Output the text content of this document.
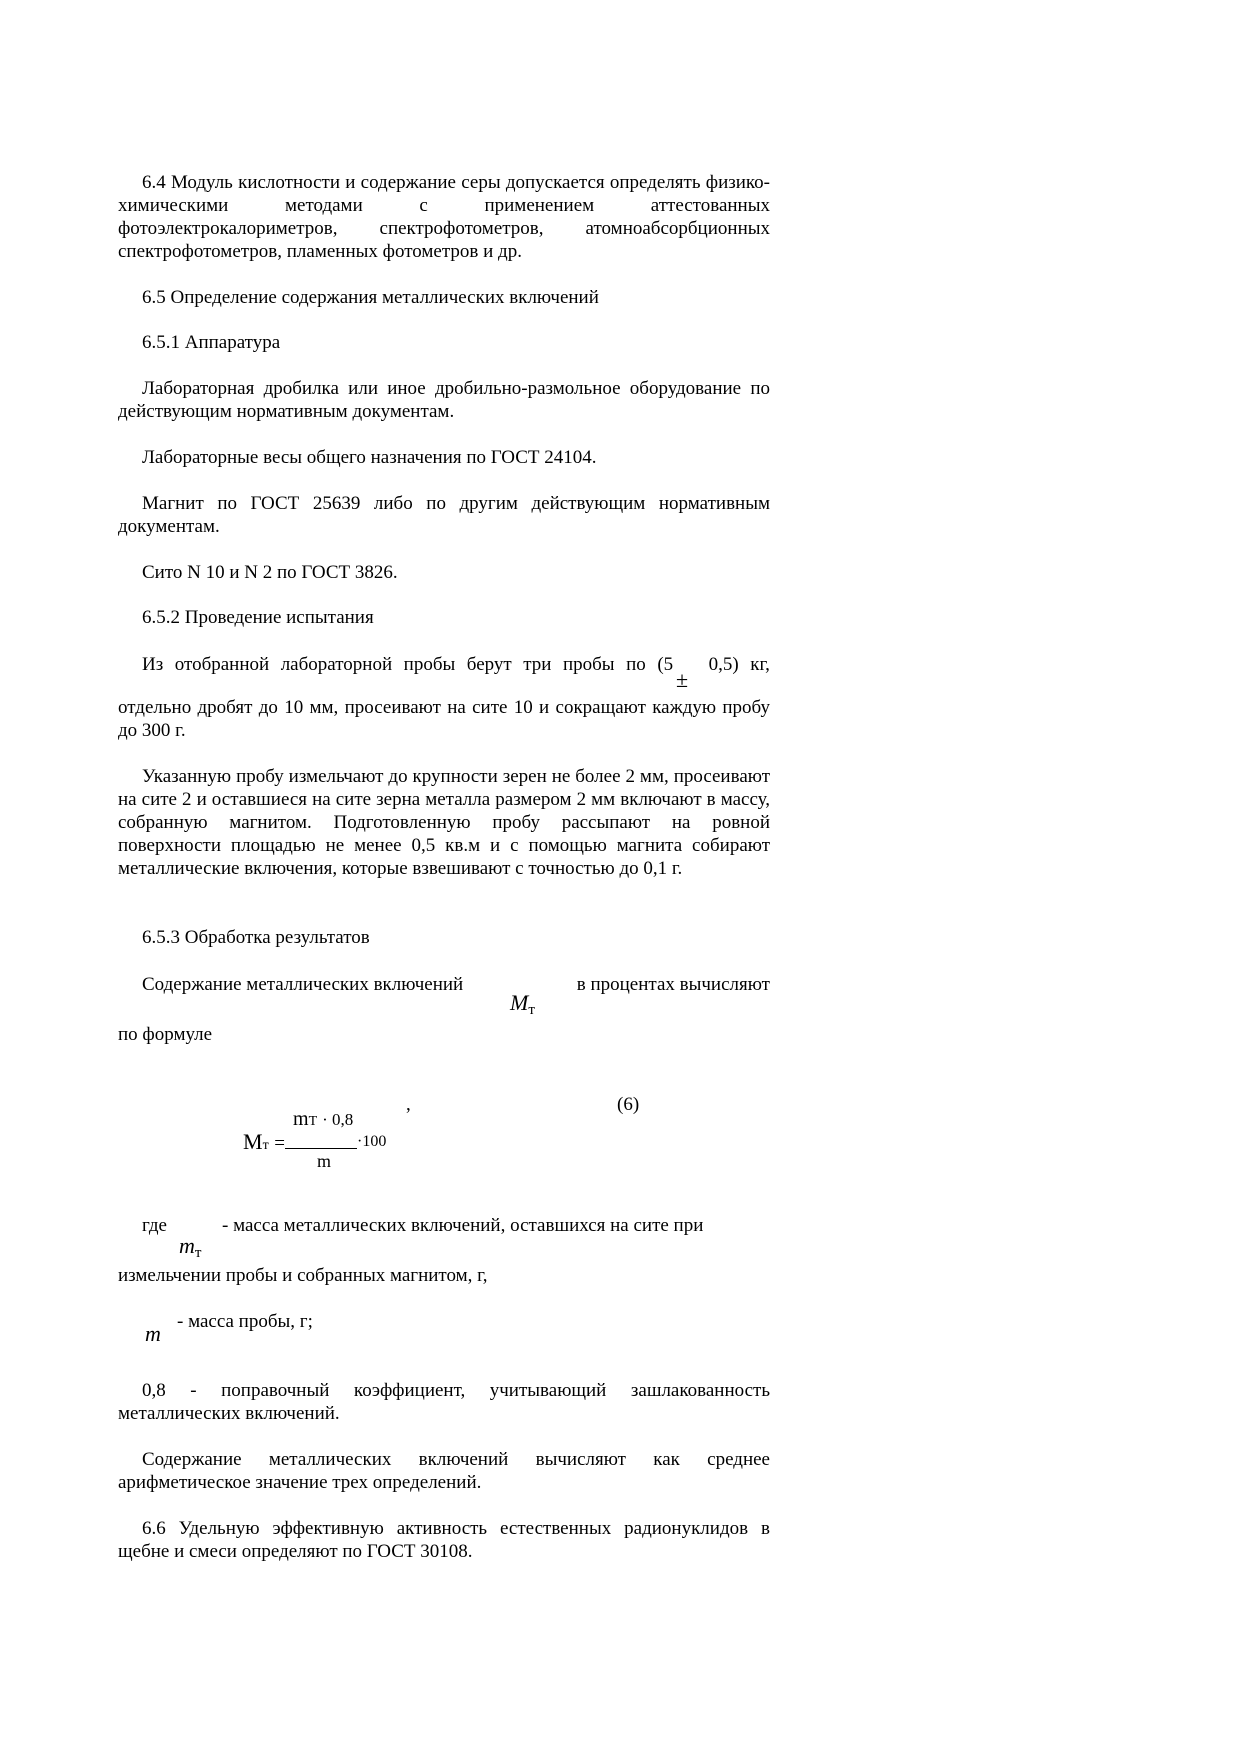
6.4 Модуль кислотности и содержание серы допускается определять физико-химическими методами с применением аттестованных фотоэлектрокалориметров, спектрофотометров, атомноабсорбционных спектрофотометров, пламенных фотометров и др.
6.5 Определение содержания металлических включений
6.5.1 Аппаратура
Лабораторная дробилка или иное дробильно-размольное оборудование по действующим нормативным документам.
Лабораторные весы общего назначения по ГОСТ 24104.
Магнит по ГОСТ 25639 либо по другим действующим нормативным документам.
Сито N 10 и N 2 по ГОСТ 3826.
6.5.2 Проведение испытания
Из отобранной лабораторной пробы берут три пробы по (5 0,5) кг,
±
отдельно дробят до 10 мм, просеивают на сите 10 и сокращают каждую пробу до 300 г.
Указанную пробу измельчают до крупности зерен не более 2 мм, просеивают на сите 2 и оставшиеся на сите зерна металла размером 2 мм включают в массу, собранную магнитом. Подготовленную пробу рассыпают на ровной поверхности площадью не менее 0,5 кв.м и с помощью магнита собирают металлические включения, которые взвешивают с точностью до 0,1 г.
6.5.3 Обработка результатов
Содержание металлических включений	в процентах вычисляют
$M_т$
по формуле
Mт =
mT · 0,8
m
·100
,	(6)
где
$m_т$
- масса металлических включений, оставшихся на сите при
измельчении пробы и собранных магнитом, г,
m - масса пробы, г;
0,8 - поправочный коэффициент, учитывающий зашлакованность металлических включений.
Содержание металлических включений вычисляют как среднее арифметическое значение трех определений.
6.6 Удельную эффективную активность естественных радионуклидов в щебне и смеси определяют по ГОСТ 30108.
